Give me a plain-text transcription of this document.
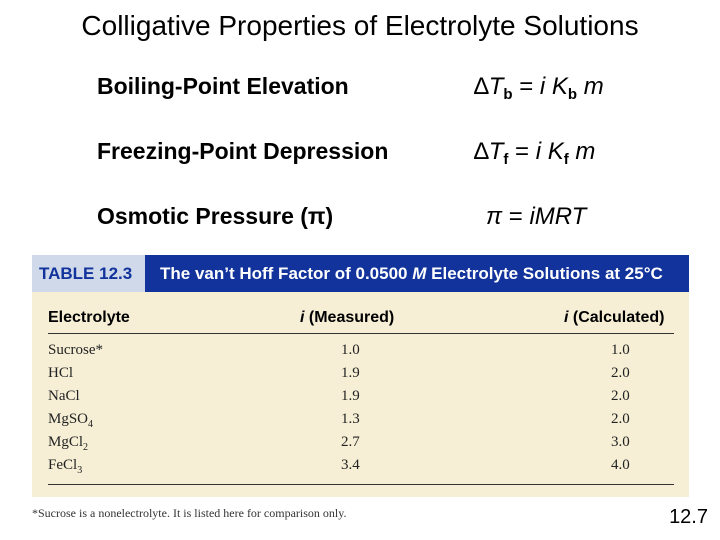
Colligative Properties of Electrolyte Solutions
Boiling-Point Elevation	$\Delta T_b = i$ $K_b$ m
Freezing-Point Depression	$\Delta T_f = i$ $K_f$ m
Osmotic Pressure (π)	π = iMRT
TABLE 12.3	The van’t Hoff Factor of 0.0500 M Electrolyte Solutions at 25°C
Electrolyte	i (Measured)	i (Calculated)
Sucrose*	1.0	1.0
HCl	1.9	2.0
NaCl	1.9	2.0
MgSO$_4$	1.3	2.0
MgCl$_2$	2.7	3.0
FeCl$_3$	3.4	4.0
*Sucrose is a nonelectrolyte. It is listed here for comparison only.	12.7
